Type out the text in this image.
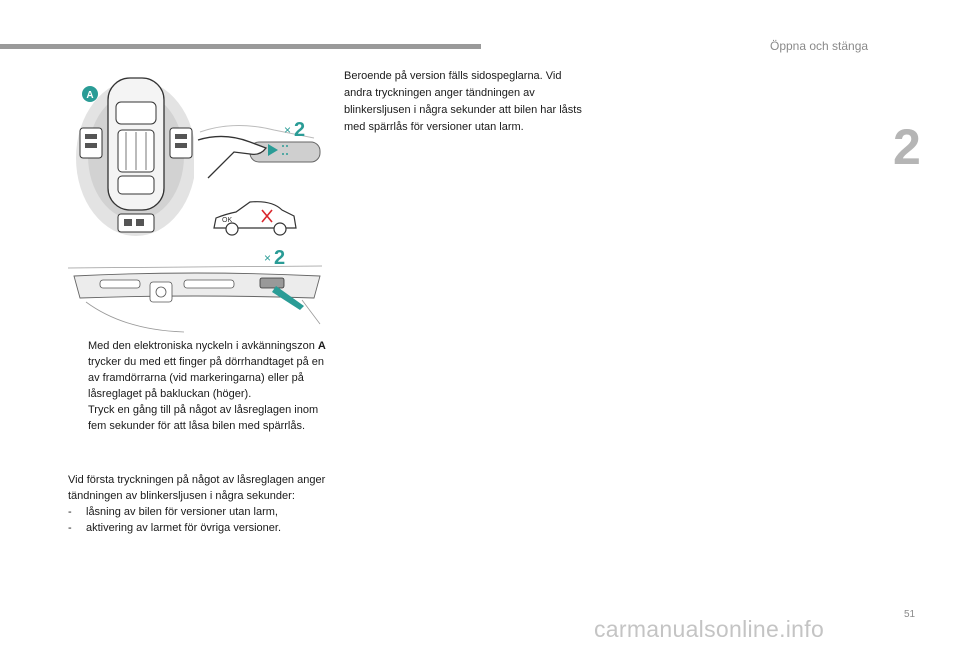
Öppna och stänga
2
A
× 2
OK
× 2
Beroende på version fälls sidospeglarna. Vid andra tryckningen anger tändningen av blinkersljusen i några sekunder att bilen har låsts med spärrlås för versioner utan larm.
Med den elektroniska nyckeln i avkänningszon A trycker du med ett finger på dörrhandtaget på en av framdörrarna (vid markeringarna) eller på låsreglaget på bakluckan (höger).
Tryck en gång till på något av låsreglagen inom fem sekunder för att låsa bilen med spärrlås.
Vid första tryckningen på något av låsreglagen anger tändningen av blinkersljusen i några sekunder:
- låsning av bilen för versioner utan larm,
- aktivering av larmet för övriga versioner.
51
carmanualsonline.info
